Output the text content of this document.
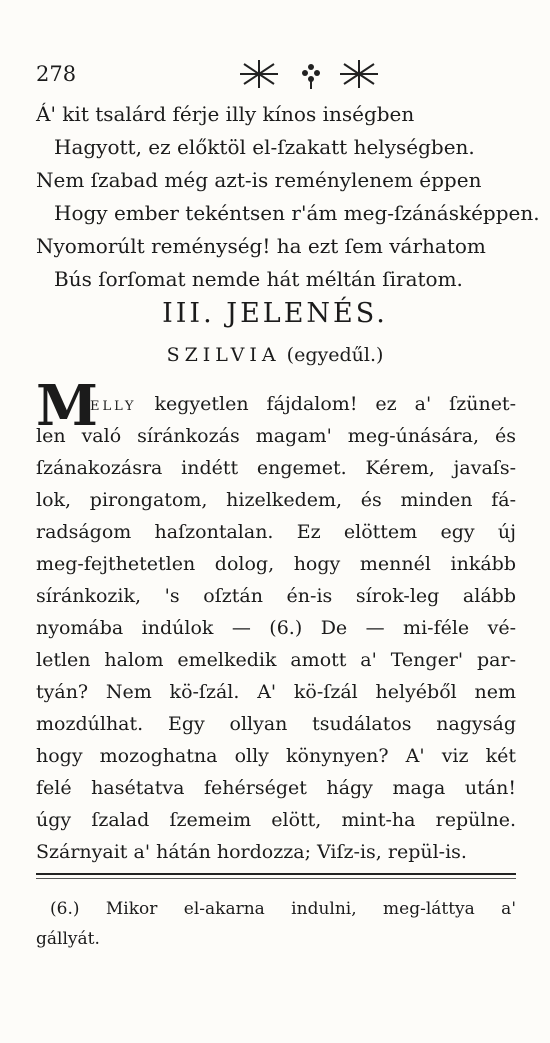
278
Á' kit tsalárd férje illy kínos inségben
Hagyott, ez előktöl el-ſzakatt helységben.
Nem ſzabad még azt-is reménylenem éppen
Hogy ember tekéntsen r'ám meg-ſzánásképpen.
Nyomorúlt reménység! ha ezt ſem várhatom
Bús ſorſomat nemde hát méltán ſiratom.
III. JELENÉS.
SZILVIA (egyedűl.)
M
ELLY kegyetlen fájdalom! ez a' ſzünet-
len való síránkozás magam' meg-únására, és
ſzánakozásra indétt engemet. Kérem, javaſs-
lok, pirongatom, hizelkedem, és minden fá-
radságom haſzontalan. Ez elöttem egy új
meg-fejthetetlen dolog, hogy mennél inkább
síránkozik, 's oſztán én-is sírok-leg alább
nyomába indúlok — (6.) De — mi-féle vé-
letlen halom emelkedik amott a' Tenger' par-
tyán? Nem kö-ſzál. A' kö-ſzál helyéből nem
mozdúlhat. Egy ollyan tsudálatos nagyság
hogy mozoghatna olly könynyen? A' viz két
felé hasétatva fehérséget hágy maga után!
úgy ſzalad ſzemeim elött, mint-ha repülne.
Szárnyait a' hátán hordozza; Viſz-is, repül-is.
(6.) Mikor el-akarna indulni, meg-láttya a'
gállyát.
